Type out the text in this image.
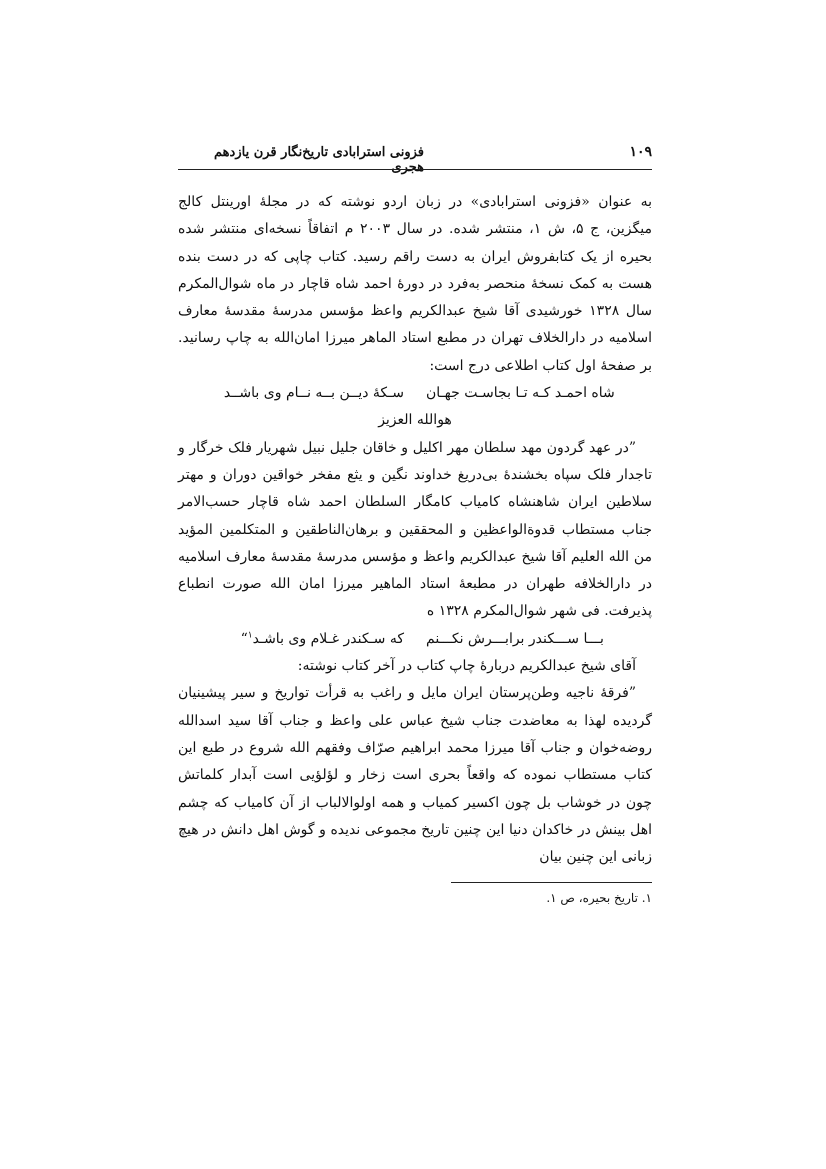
۱۰۹
فزونی استرابادی تاریخ‌نگار قرن یازدهم هجری

به عنوان «فزونی استرابادی» در زبان اردو نوشته که در مجلهٔ اورینتل کالج میگزین، ج ۵، ش ۱، منتشر شده. در سال ۲۰۰۳ م اتفاقاً نسخه‌ای منتشر شده بحیره از یک کتابفروش ایران به دست راقم رسید. کتاب چاپی که در دست بنده هست به کمک نسخهٔ منحصر به‌فرد در دورهٔ احمد شاه قاچار در ماه شوال‌المکرم سال ۱۳۲۸ خورشیدی آقا شیخ عبدالکریم واعظ مؤسس مدرسهٔ مقدسهٔ معارف اسلامیه در دارالخلاف تهران در مطبع استاد الماهر میرزا امان‌الله به چاپ رسانید. بر صفحهٔ اول کتاب اطلاعی درج است:

شاه احمـد کـه تـا بجاسـت جهـان
سـکهٔ دیــن بــه نــام وی باشــد

هوالله العزیز

”در عهد گردون مهد سلطان مهر اکلیل و خاقان جلیل نبیل شهریار فلک خرگار و تاجدار فلک سپاه بخشندهٔ بی‌دریغ خداوند نگین و یثع مفخر خواقین دوران و مهتر سلاطین ایران شاهنشاه کامیاب کامگار السلطان احمد شاه قاچار حسب‌الامر جناب مستطاب قدوةالواعظین و المحققین و برهان‌الناطقین و المتکلمین المؤید من الله العلیم آقا شیخ عبدالکریم واعظ و مؤسس مدرسهٔ مقدسهٔ معارف اسلامیه در دارالخلافه طهران در مطبعهٔ استاد الماهیر میرزا امان الله صورت انطباع پذیرفت. فی شهر شوال‌المکرم ۱۳۲۸ ه

بـــا ســـکندر برابـــرش نکـــنم
که سـکندر غـلام وی باشـد$^۱$“

آقای شیخ عبدالکریم دربارهٔ چاپ کتاب در آخر کتاب نوشته:

”فرقهٔ ناجیه وطن‌پرستان ایران مایل و راغب به قرأت تواریخ و سیر پیشینیان گردیده لهذا به معاضدت جناب شیخ عباس علی واعظ و جناب آقا سید اسدالله روضه‌خوان و جناب آقا میرزا محمد ابراهیم صرّاف وفقهم الله شروع در طبع این کتاب مستطاب نموده که واقعاً بحری است زخار و لؤلؤیی است آبدار کلماتش چون در خوشاب بل چون اکسیر کمیاب و همه اولوالالباب از آن کامیاب که چشم اهل بینش در خاکدان دنیا این چنین تاریخ مجموعی ندیده و گوش اهل دانش در هیچ زبانی این چنین بیان

۱. تاریخ بحیره، ص ۱.
